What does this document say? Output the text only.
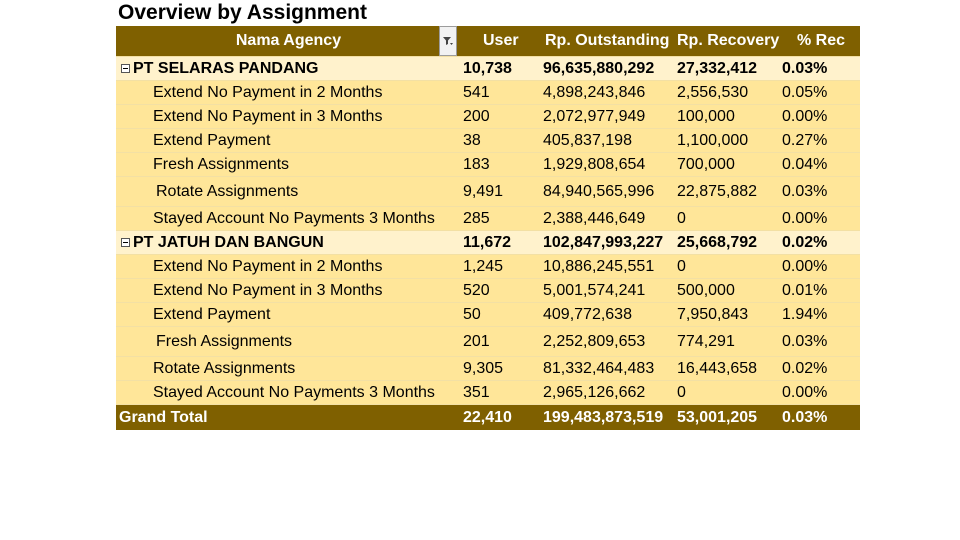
Overview by Assignment
Nama Agency	User	Rp. Outstanding Rp. Recovery	% Rec
PT SELARAS PANDANG	10,738	96,635,880,292	27,332,412	0.03%
Extend No Payment in 2 Months	541	4,898,243,846	2,556,530	0.05%
Extend No Payment in 3 Months	200	2,072,977,949	100,000	0.00%
Extend Payment	38	405,837,198	1,100,000	0.27%
Fresh Assignments	183	1,929,808,654	700,000	0.04%
Rotate Assignments	9,491	84,940,565,996	22,875,882	0.03%
Stayed Account No Payments 3 Months	285	2,388,446,649	0	0.00%
PT JATUH DAN BANGUN	11,672	102,847,993,227 25,668,792	0.02%
Extend No Payment in 2 Months	1,245	10,886,245,551	0	0.00%
Extend No Payment in 3 Months	520	5,001,574,241	500,000	0.01%
Extend Payment	50	409,772,638	7,950,843	1.94%
Fresh Assignments	201	2,252,809,653	774,291	0.03%
Rotate Assignments	9,305	81,332,464,483	16,443,658	0.02%
Stayed Account No Payments 3 Months	351	2,965,126,662	0	0.00%
Grand Total	22,410	199,483,873,519 53,001,205	0.03%
